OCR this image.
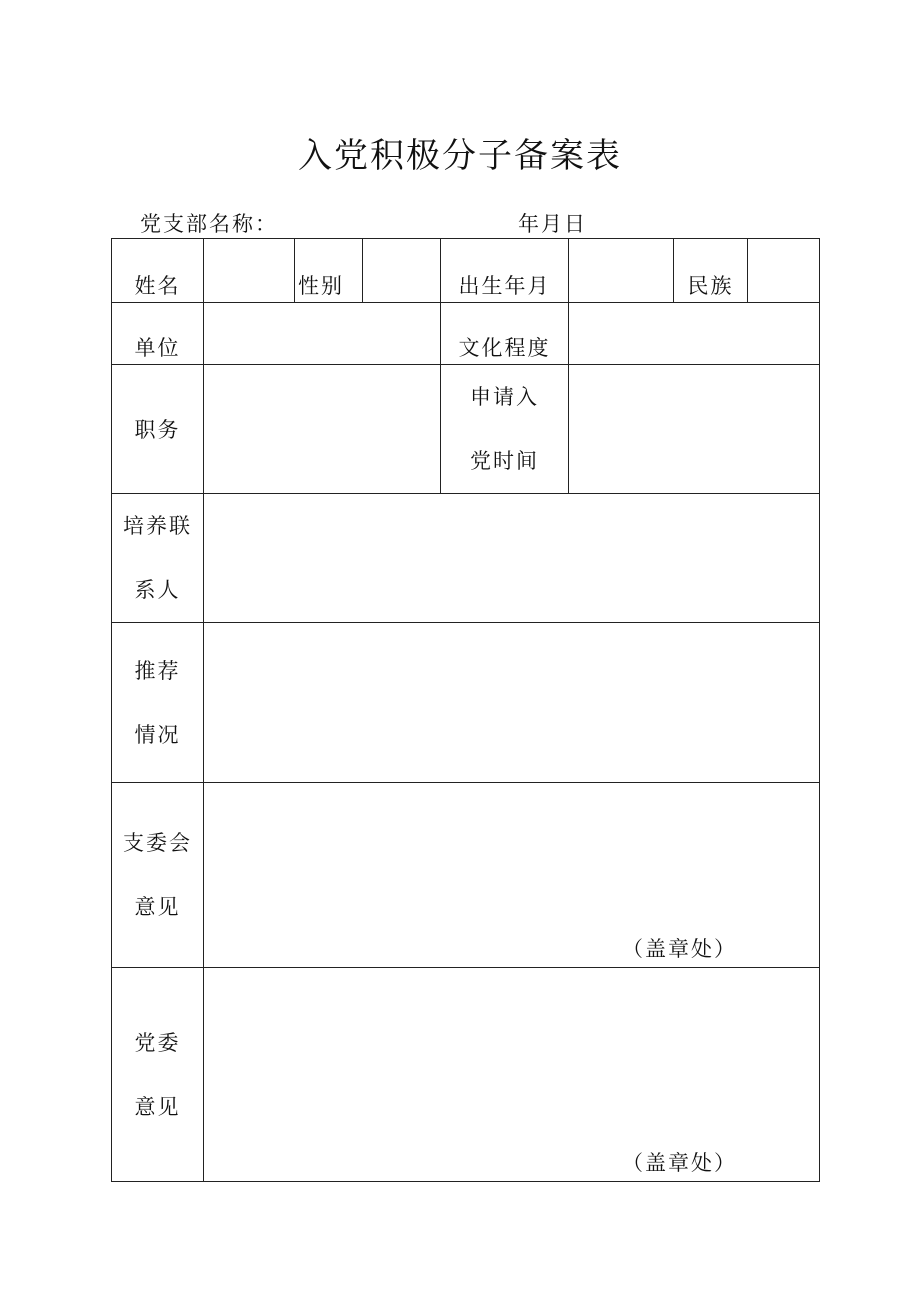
入党积极分子备案表
党支部名称：	年月日
姓名		性别		出生年月		民族	
单位				文化程度			
职务				申请入
党时间			

培养联
系人							

推荐
情况							

支委会
意见	（盖章处）						

党委
意见	（盖章处）						
